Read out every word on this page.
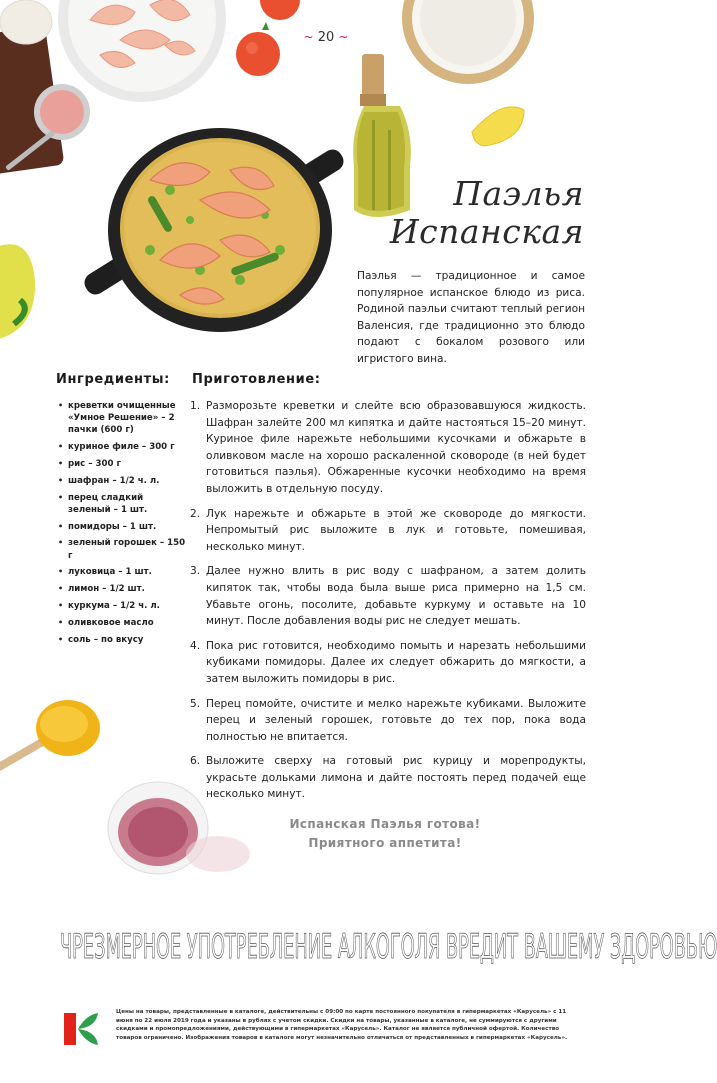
~ 20 ~
Паэлья
Испанская

Паэлья — традиционное и самое популярное испанское блюдо из риса. Родиной паэльи считают теплый регион Валенсия, где традиционно это блюдо подают с бокалом розового или игристого вина.

Ингредиенты:
• креветки очищенные «Умное Решение» – 2 пачки (600 г)
• куриное филе – 300 г
• рис – 300 г
• шафран – 1/2 ч. л.
• перец сладкий зеленый – 1 шт.
• помидоры – 1 шт.
• зеленый горошек – 150 г
• луковица – 1 шт.
• лимон – 1/2 шт.
• куркума – 1/2 ч. л.
• оливковое масло
• соль – по вкусу
Приготовление:
1. Разморозьте креветки и слейте всю образовавшуюся жидкость. Шафран залейте 200 мл кипятка и дайте настояться 15–20 минут. Куриное филе нарежьте небольшими кусочками и обжарьте в оливковом масле на хорошо раскаленной сковороде (в ней будет готовиться паэлья). Обжаренные кусочки необходимо на время выложить в отдельную посуду.
2. Лук нарежьте и обжарьте в этой же сковороде до мягкости. Непромытый рис выложите в лук и готовьте, помешивая, несколько минут.
3. Далее нужно влить в рис воду с шафраном, а затем долить кипяток так, чтобы вода была выше риса примерно на 1,5 см. Убавьте огонь, посолите, добавьте куркуму и оставьте на 10 минут. После добавления воды рис не следует мешать.
4. Пока рис готовится, необходимо помыть и нарезать небольшими кубиками помидоры. Далее их следует обжарить до мягкости, а затем выложить помидоры в рис.
5. Перец помойте, очистите и мелко нарежьте кубиками. Выложите перец и зеленый горошек, готовьте до тех пор, пока вода полностью не впитается.
6. Выложите сверху на готовый рис курицу и морепродукты, украсьте дольками лимона и дайте постоять перед подачей еще несколько минут.
Испанская Паэлья готова!
Приятного аппетита!
ЧРЕЗМЕРНОЕ УПОТРЕБЛЕНИЕ АЛКОГОЛЯ ВРЕДИТ ВАШЕМУ ЗДОРОВЬЮ

Цены на товары, представленные в каталоге, действительны с 09:00 по карте постоянного покупателя в гипермаркетах «Карусель» с 11 июня по 22 июля 2019 года и указаны в рублях с учетом скидки. Скидки на товары, указанные в каталоге, не суммируются с другими скидками и промопредложениями, действующими в гипермаркетах «Карусель». Каталог не является публичной офертой. Количество товаров ограничено. Изображения товаров в каталоге могут незначительно отличаться от представленных в гипермаркетах «Карусель».
